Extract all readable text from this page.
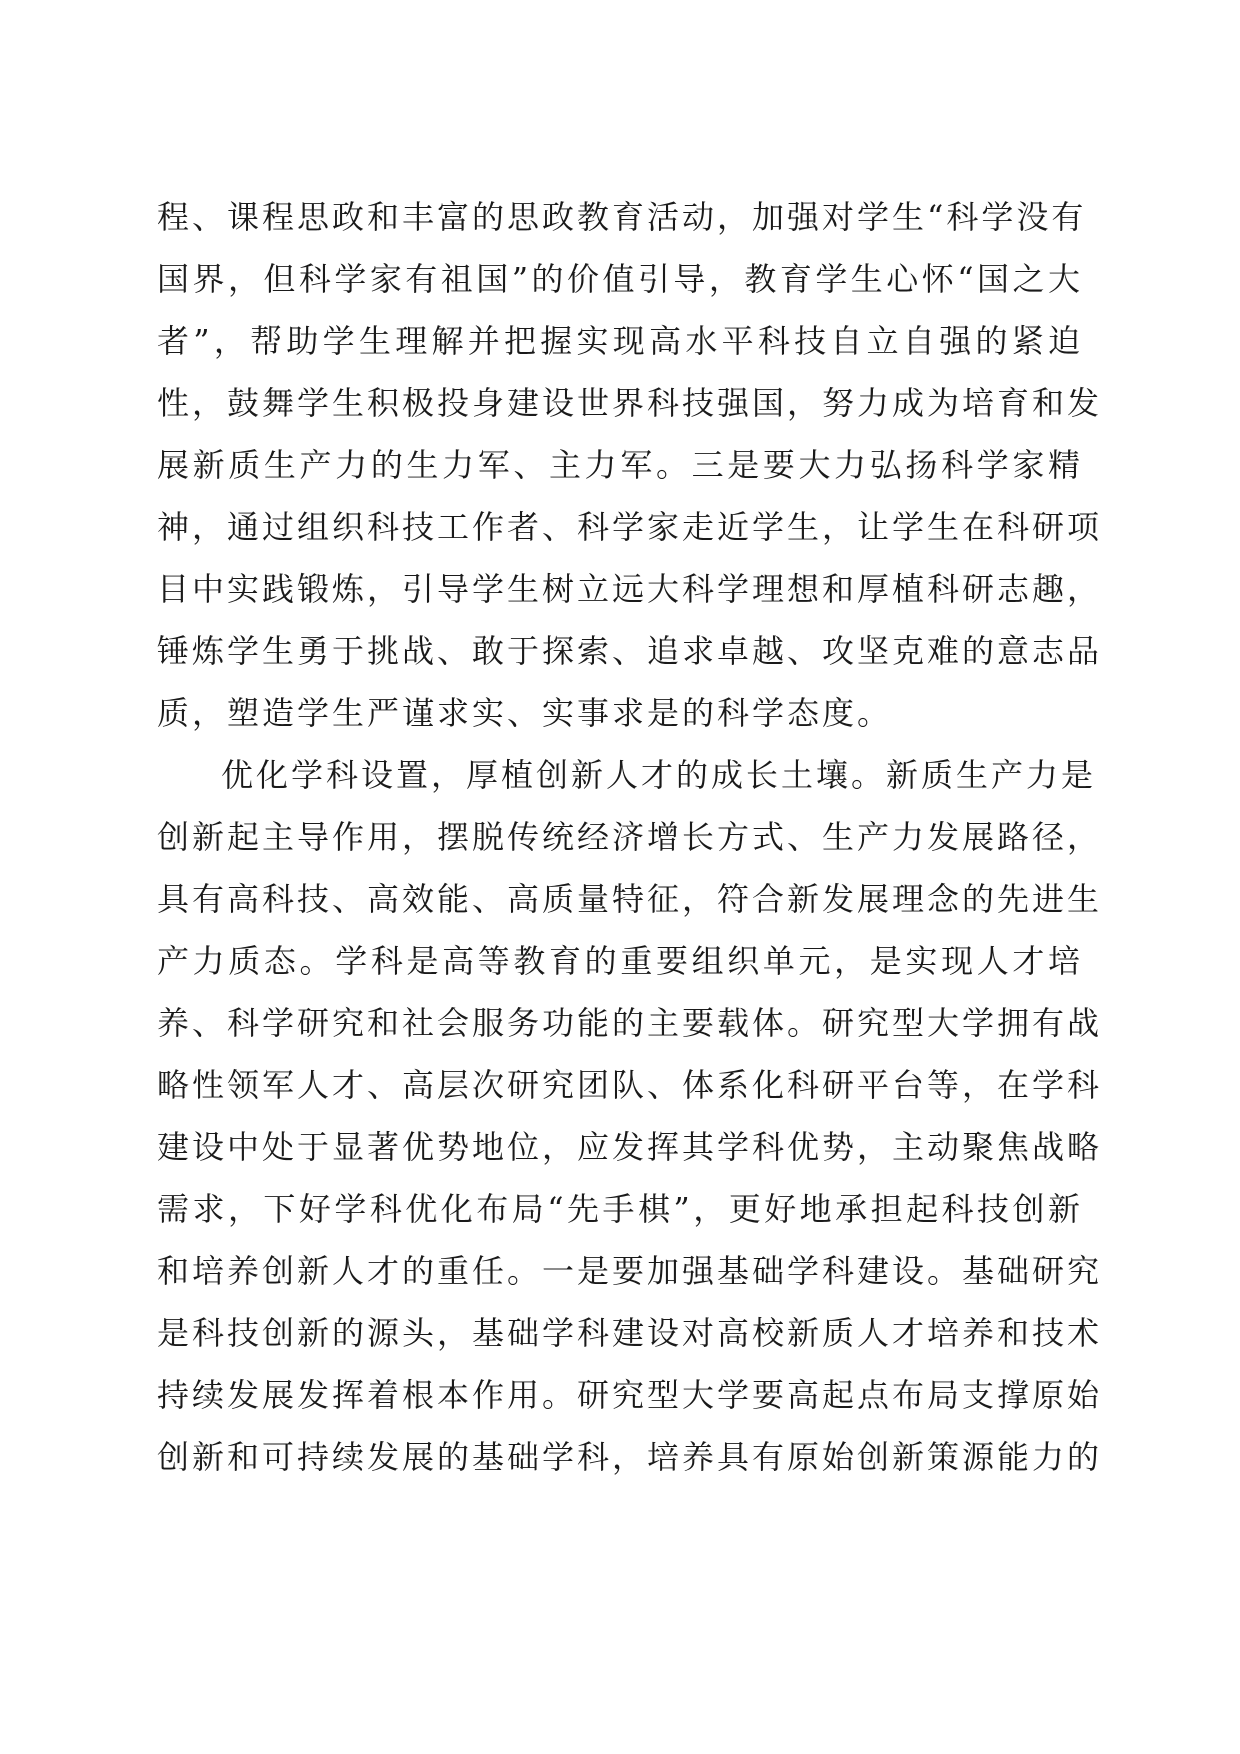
程、课程思政和丰富的思政教育活动，加强对学生“科学没有
国界，但科学家有祖国”的价值引导，教育学生心怀“国之大
者”，帮助学生理解并把握实现高水平科技自立自强的紧迫
性，鼓舞学生积极投身建设世界科技强国，努力成为培育和发
展新质生产力的生力军、主力军。三是要大力弘扬科学家精
神，通过组织科技工作者、科学家走近学生，让学生在科研项
目中实践锻炼，引导学生树立远大科学理想和厚植科研志趣，
锤炼学生勇于挑战、敢于探索、追求卓越、攻坚克难的意志品
质，塑造学生严谨求实、实事求是的科学态度。
优化学科设置，厚植创新人才的成长土壤。新质生产力是
创新起主导作用，摆脱传统经济增长方式、生产力发展路径，
具有高科技、高效能、高质量特征，符合新发展理念的先进生
产力质态。学科是高等教育的重要组织单元，是实现人才培
养、科学研究和社会服务功能的主要载体。研究型大学拥有战
略性领军人才、高层次研究团队、体系化科研平台等，在学科
建设中处于显著优势地位，应发挥其学科优势，主动聚焦战略
需求，下好学科优化布局“先手棋”，更好地承担起科技创新
和培养创新人才的重任。一是要加强基础学科建设。基础研究
是科技创新的源头，基础学科建设对高校新质人才培养和技术
持续发展发挥着根本作用。研究型大学要高起点布局支撑原始
创新和可持续发展的基础学科，培养具有原始创新策源能力的
